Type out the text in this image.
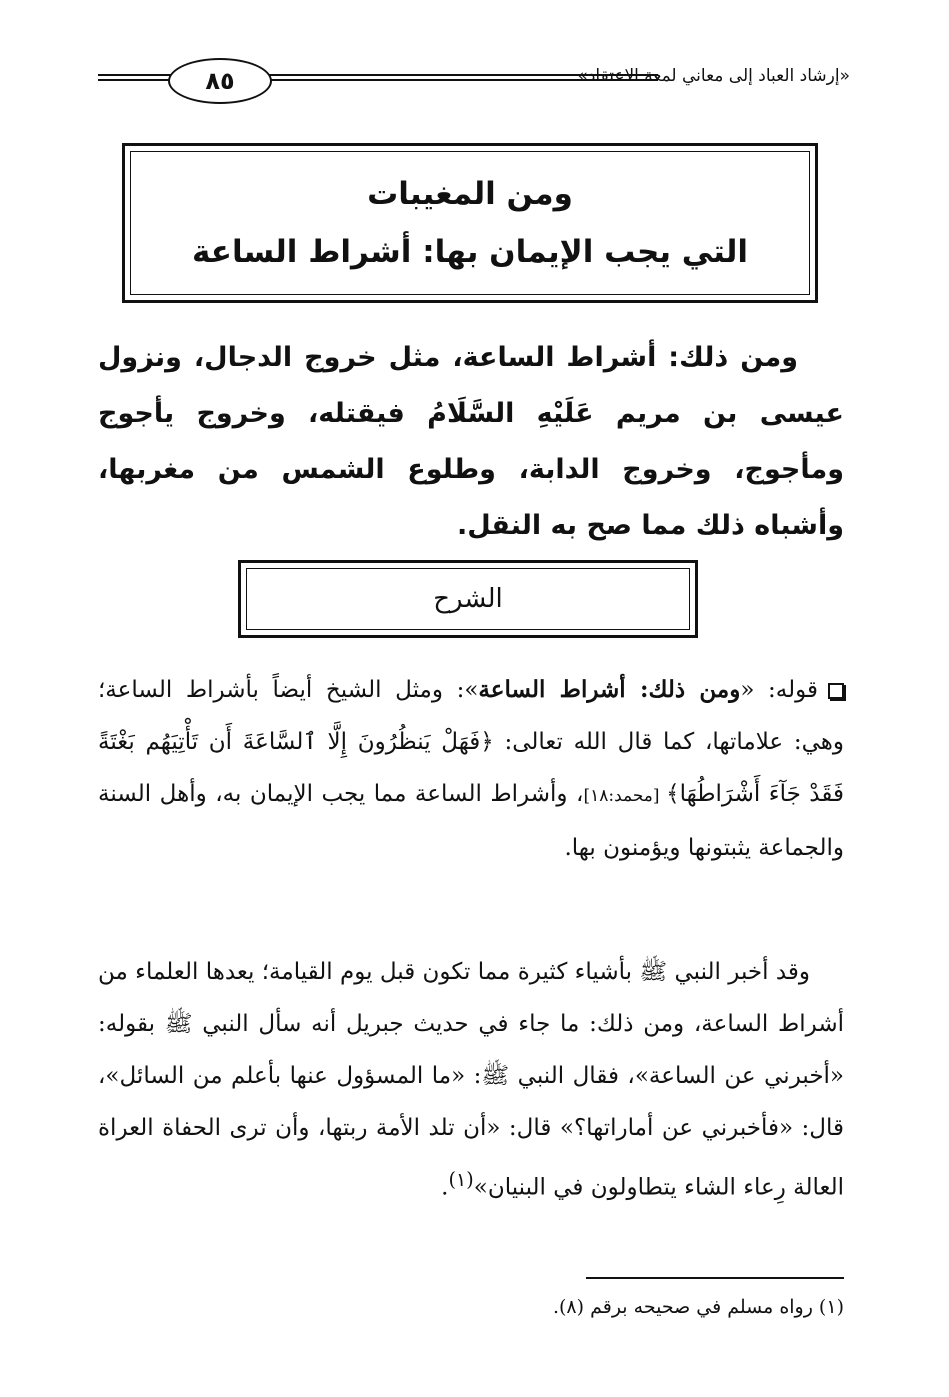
٨٥	«إرشاد العباد إلى معاني لمعة الاعتقاد»
ومن المغيبات
التي يجب الإيمان بها: أشراط الساعة

ومن ذلك: أشراط الساعة، مثل خروج الدجال، ونزول عيسى بن مريم عَلَيْهِ السَّلَامُ فيقتله، وخروج يأجوج ومأجوج، وخروج الدابة، وطلوع الشمس من مغربها، وأشباه ذلك مما صح به النقل.

الشرح

قوله: «ومن ذلك: أشراط الساعة»: ومثل الشيخ أيضاً بأشراط الساعة؛ وهي: علاماتها، كما قال الله تعالى: ﴿فَهَلْ يَنظُرُونَ إِلَّا ٱلسَّاعَةَ أَن تَأْتِيَهُم بَغْتَةً فَقَدْ جَآءَ أَشْرَاطُهَا﴾ [محمد:١٨]، وأشراط الساعة مما يجب الإيمان به، وأهل السنة والجماعة يثبتونها ويؤمنون بها.

وقد أخبر النبي ﷺ بأشياء كثيرة مما تكون قبل يوم القيامة؛ يعدها العلماء من أشراط الساعة، ومن ذلك: ما جاء في حديث جبريل أنه سأل النبي ﷺ بقوله: «أخبرني عن الساعة»، فقال النبي ﷺ: «ما المسؤول عنها بأعلم من السائل»، قال: «فأخبرني عن أماراتها؟» قال: «أن تلد الأمة ربتها، وأن ترى الحفاة العراة العالة رِعاء الشاء يتطاولون في البنيان»$^{(١)}$.

(١) رواه مسلم في صحيحه برقم (٨).
